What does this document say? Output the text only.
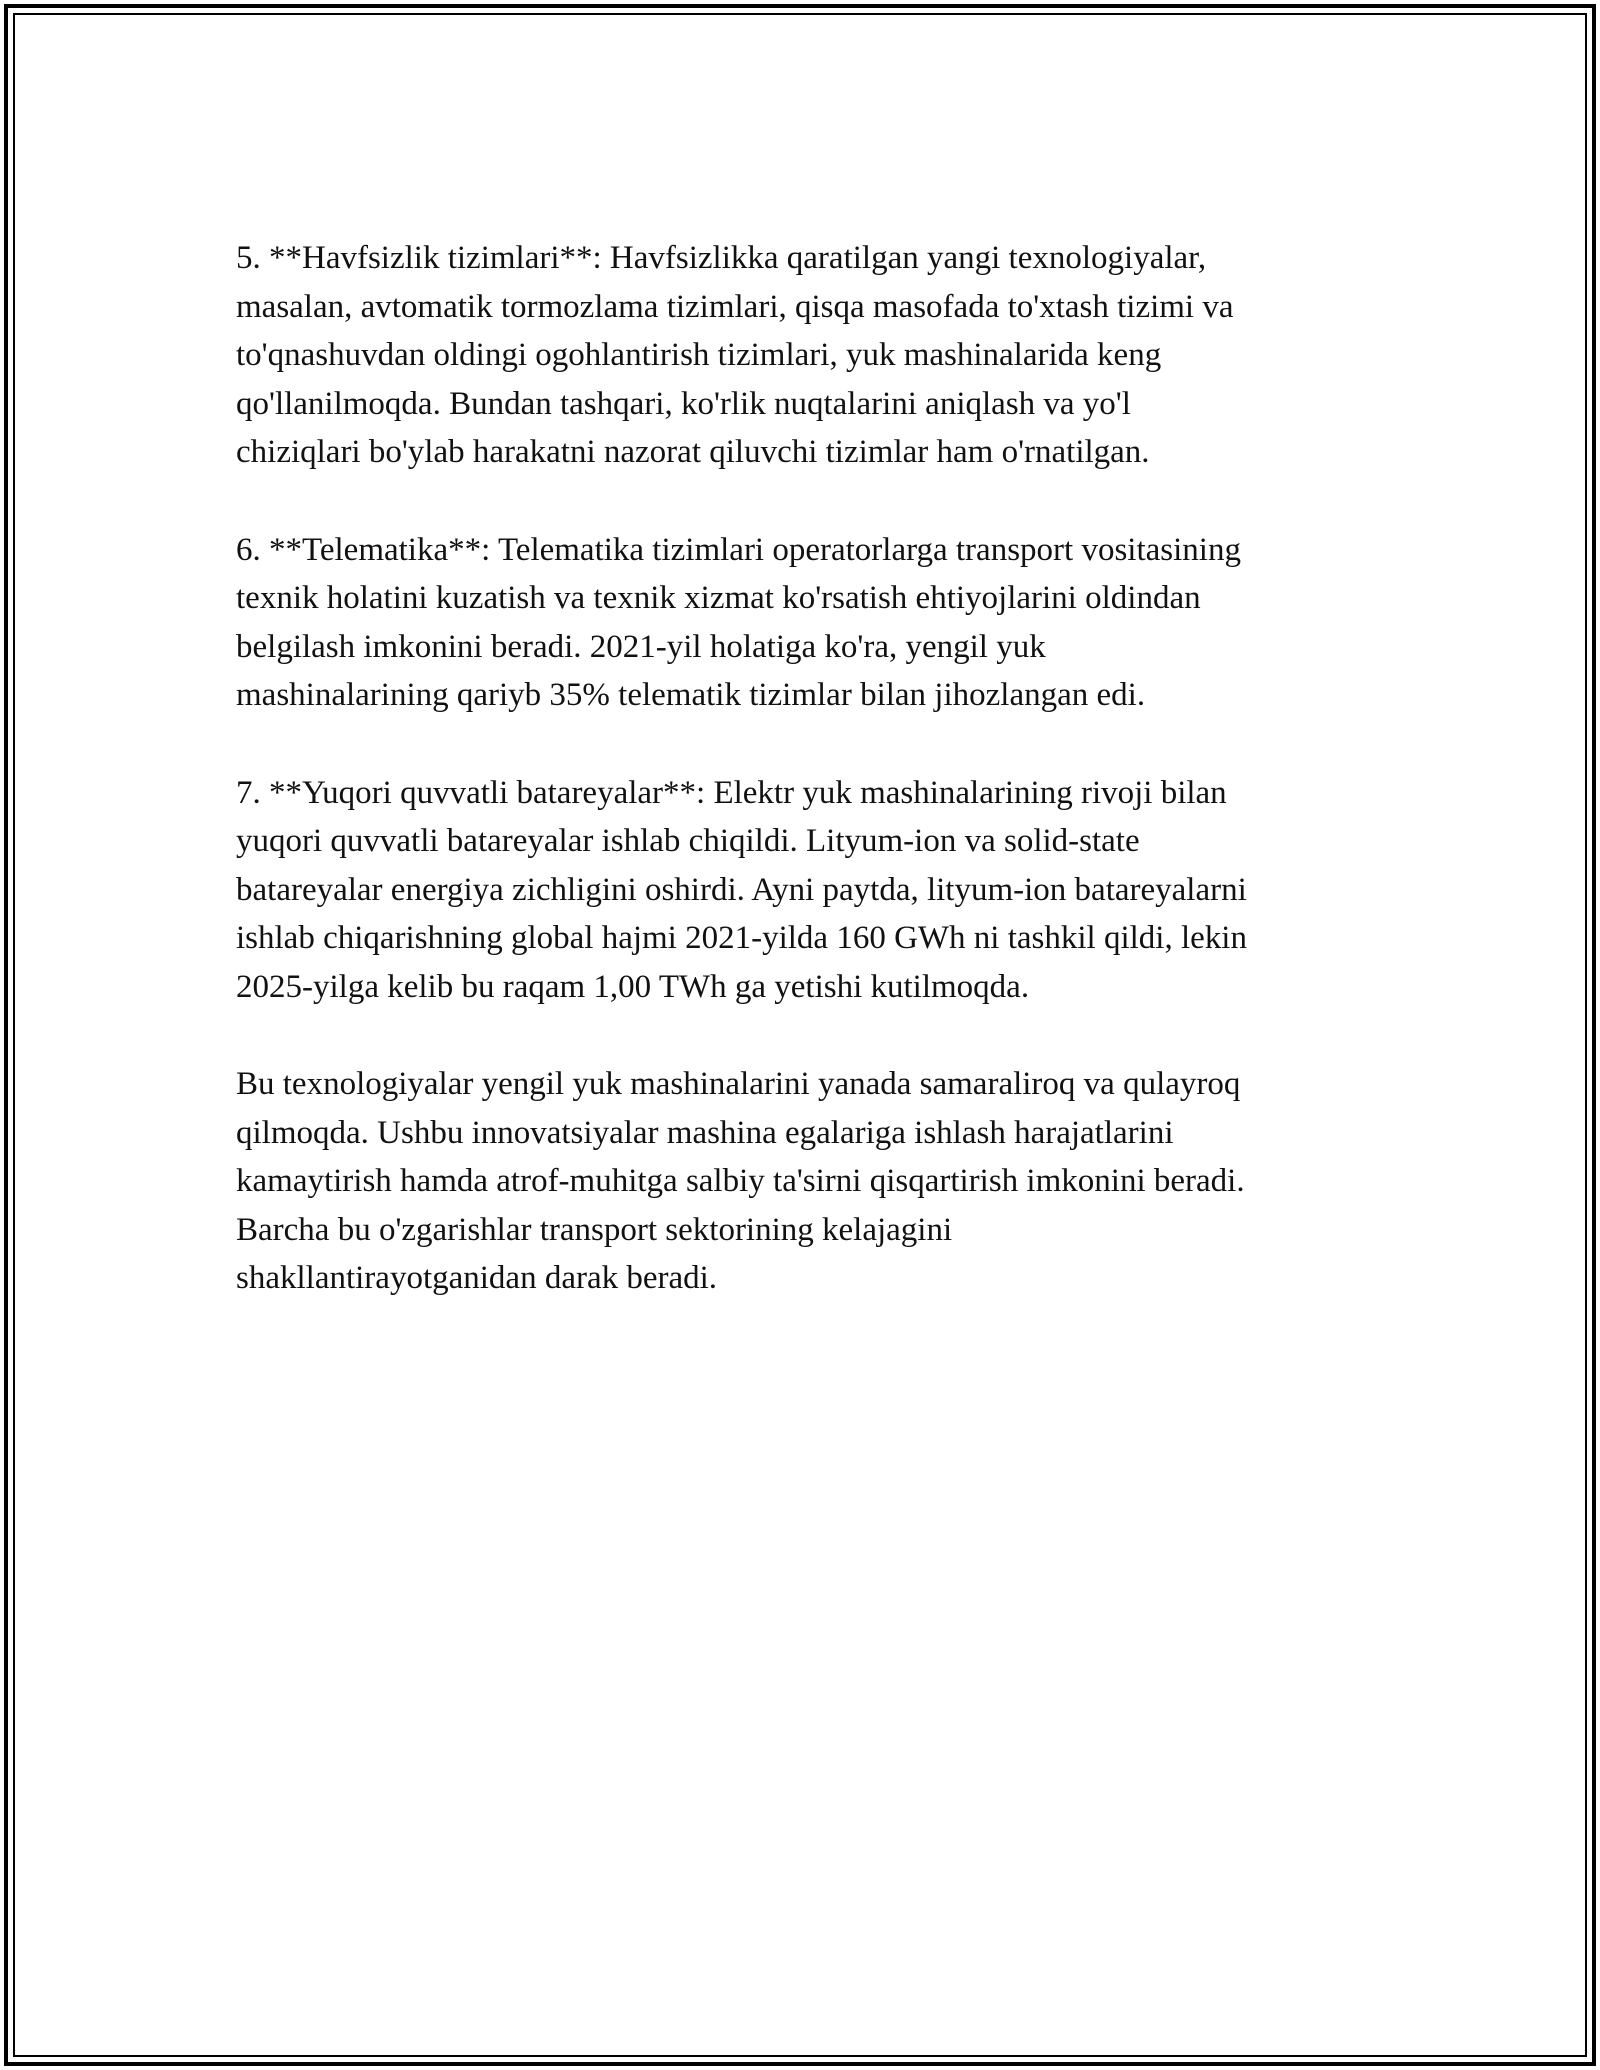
5. **Havfsizlik tizimlari**: Havfsizlikka qaratilgan yangi texnologiyalar,
masalan, avtomatik tormozlama tizimlari, qisqa masofada to'xtash tizimi va
to'qnashuvdan oldingi ogohlantirish tizimlari, yuk mashinalarida keng
qo'llanilmoqda. Bundan tashqari, ko'rlik nuqtalarini aniqlash va yo'l
chiziqlari bo'ylab harakatni nazorat qiluvchi tizimlar ham o'rnatilgan.

6. **Telematika**: Telematika tizimlari operatorlarga transport vositasining
texnik holatini kuzatish va texnik xizmat ko'rsatish ehtiyojlarini oldindan
belgilash imkonini beradi. 2021-yil holatiga ko'ra, yengil yuk
mashinalarining qariyb 35% telematik tizimlar bilan jihozlangan edi.

7. **Yuqori quvvatli batareyalar**: Elektr yuk mashinalarining rivoji bilan
yuqori quvvatli batareyalar ishlab chiqildi. Lityum-ion va solid-state
batareyalar energiya zichligini oshirdi. Ayni paytda, lityum-ion batareyalarni
ishlab chiqarishning global hajmi 2021-yilda 160 GWh ni tashkil qildi, lekin
2025-yilga kelib bu raqam 1,00 TWh ga yetishi kutilmoqda.

Bu texnologiyalar yengil yuk mashinalarini yanada samaraliroq va qulayroq
qilmoqda. Ushbu innovatsiyalar mashina egalariga ishlash harajatlarini
kamaytirish hamda atrof-muhitga salbiy ta'sirni qisqartirish imkonini beradi.
Barcha bu o'zgarishlar transport sektorining kelajagini
shakllantirayotganidan darak beradi.
